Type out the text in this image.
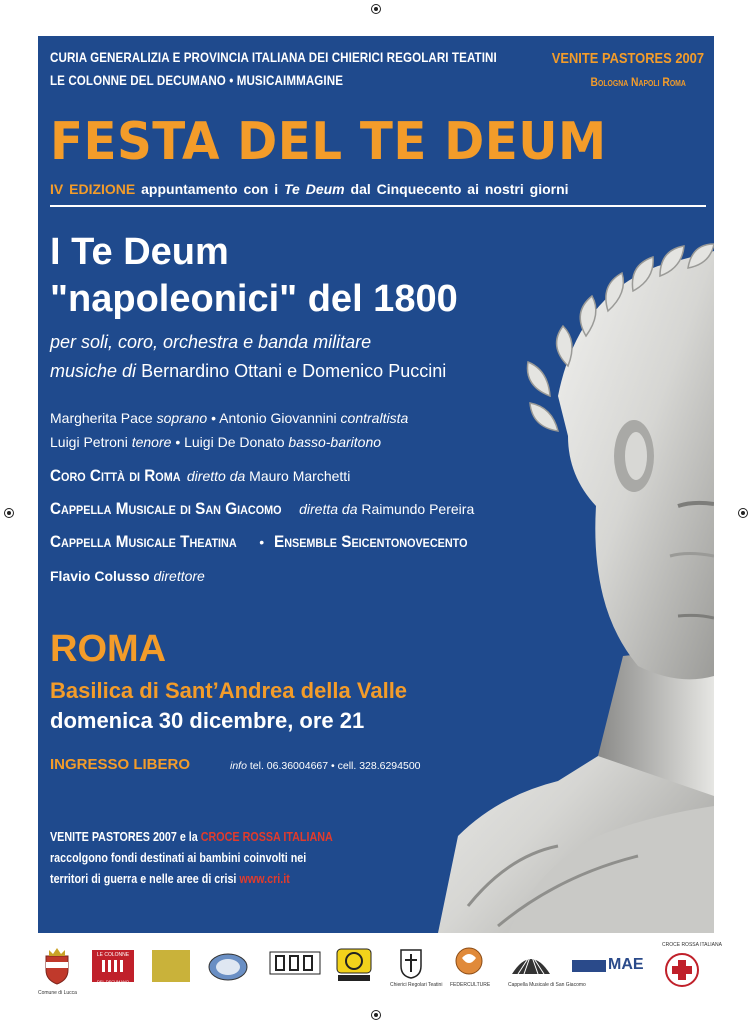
CURIA GENERALIZIA E PROVINCIA ITALIANA DEI CHIERICI REGOLARI TEATINI
LE COLONNE DEL DECUMANO • MUSICAIMMAGINE
VENITE PASTORES 2007
Bologna Napoli Roma
FESTA DEL TE DEUM
IV EDIZIONE appuntamento con i Te Deum dal Cinquecento ai nostri giorni
I Te Deum
"napoleonici" del 1800
per soli, coro, orchestra e banda militare
musiche di Bernardino Ottani e Domenico Puccini
Margherita Pace soprano • Antonio Giovannini contraltista
Luigi Petroni tenore • Luigi De Donato basso-baritono
Coro Città di Roma diretto da Mauro Marchetti
Cappella Musicale di San Giacomo diretta da Raimundo Pereira
Cappella Musicale Theatina • Ensemble Seicentonovecento
Flavio Colusso direttore
ROMA
Basilica di Sant’Andrea della Valle
domenica 30 dicembre, ore 21
INGRESSO LIBERO	info tel. 06.36004667 • cell. 328.6294500
VENITE PASTORES 2007 e la CROCE ROSSA ITALIANA
raccolgono fondi destinati ai bambini coinvolti nei
territori di guerra e nelle aree di crisi www.cri.it
Comune di Lucca
LE COLONNE
DEL DECUMANO
Chierici Regolari Teatini FEDERCULTURE	Cappella Musicale di San Giacomo
MAE
CROCE ROSSA ITALIANA
